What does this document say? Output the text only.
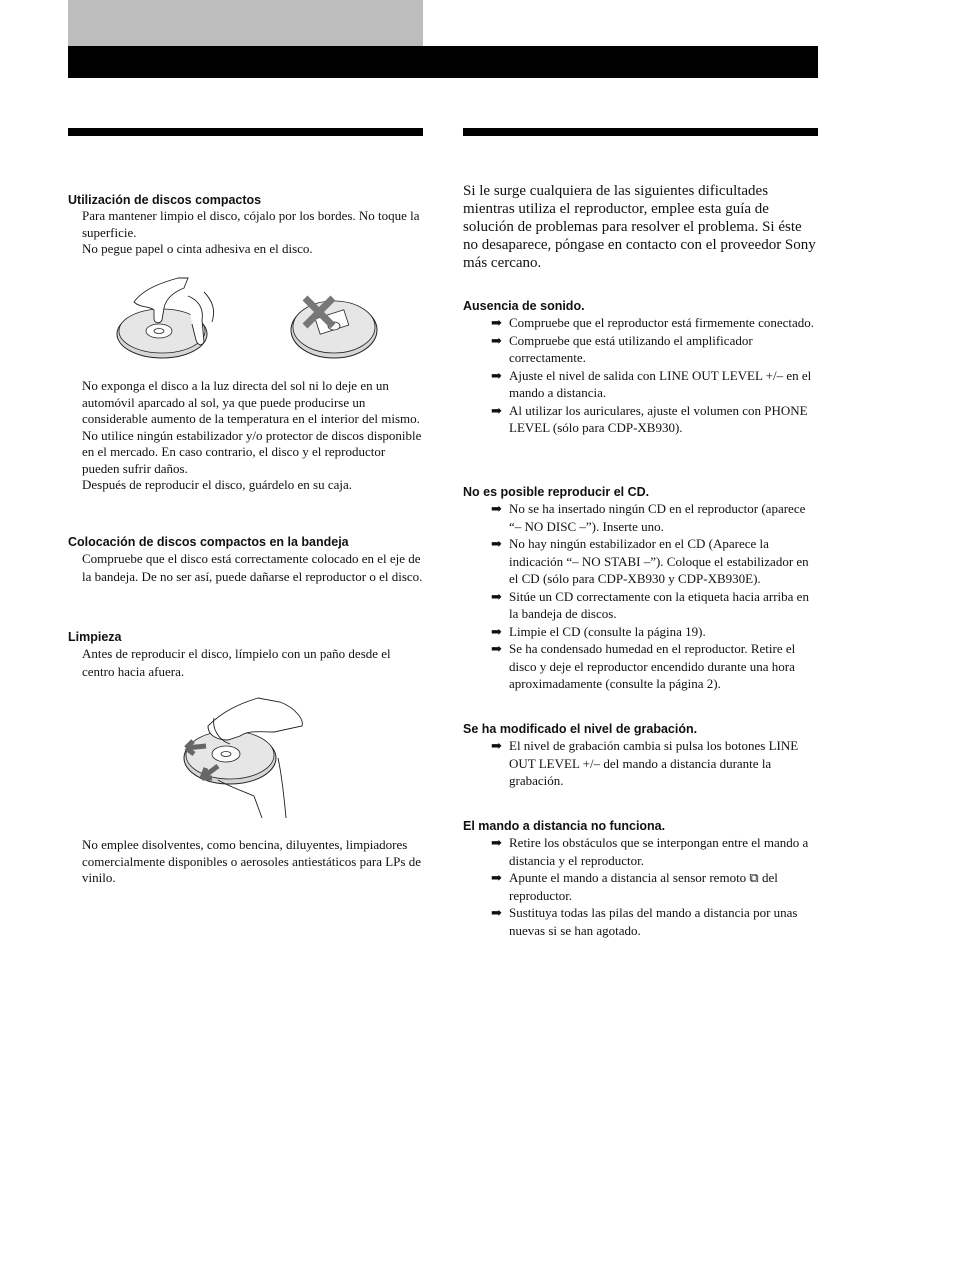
Utilización de discos compactos

Para mantener limpio el disco, cójalo por los bordes. No toque la superficie.

No pegue papel o cinta adhesiva en el disco.

No exponga el disco a la luz directa del sol ni lo deje en un automóvil aparcado al sol, ya que puede producirse un considerable aumento de la temperatura en el interior del mismo.

No utilice ningún estabilizador y/o protector de discos disponible en el mercado. En caso contrario, el disco y el reproductor pueden sufrir daños.

Después de reproducir el disco, guárdelo en su caja.

Colocación de discos compactos en la bandeja

Compruebe que el disco está correctamente colocado en el eje de la bandeja. De no ser así, puede dañarse el reproductor o el disco.

Limpieza

Antes de reproducir el disco, límpielo con un paño desde el centro hacia afuera.

No emplee disolventes, como bencina, diluyentes, limpiadores comercialmente disponibles o aerosoles antiestáticos para LPs de vinilo.

Si le surge cualquiera de las siguientes dificultades mientras utiliza el reproductor, emplee esta guía de solución de problemas para resolver el problema. Si éste no desaparece, póngase en contacto con el proveedor Sony más cercano.

Ausencia de sonido.
➡ Compruebe que el reproductor está firmemente conectado.
➡ Compruebe que está utilizando el amplificador correctamente.
➡ Ajuste el nivel de salida con LINE OUT LEVEL +/– en el mando a distancia.
➡ Al utilizar los auriculares, ajuste el volumen con PHONE LEVEL (sólo para CDP-XB930).
No es posible reproducir el CD.
➡ No se ha insertado ningún CD en el reproductor (aparece “– NO DISC –”). Inserte uno.
➡ No hay ningún estabilizador en el CD (Aparece la indicación “– NO STABI –”). Coloque el estabilizador en el CD (sólo para CDP-XB930 y CDP-XB930E).
➡ Sitúe un CD correctamente con la etiqueta hacia arriba en la bandeja de discos.
➡ Limpie el CD (consulte la página 19).
➡ Se ha condensado humedad en el reproductor. Retire el disco y deje el reproductor encendido durante una hora aproximadamente (consulte la página 2).
Se ha modificado el nivel de grabación.
➡ El nivel de grabación cambia si pulsa los botones LINE OUT LEVEL +/– del mando a distancia durante la grabación.
El mando a distancia no funciona.
➡ Retire los obstáculos que se interpongan entre el mando a distancia y el reproductor.
➡ Apunte el mando a distancia al sensor remoto ⧉ del reproductor.
➡ Sustituya todas las pilas del mando a distancia por unas nuevas si se han agotado.
